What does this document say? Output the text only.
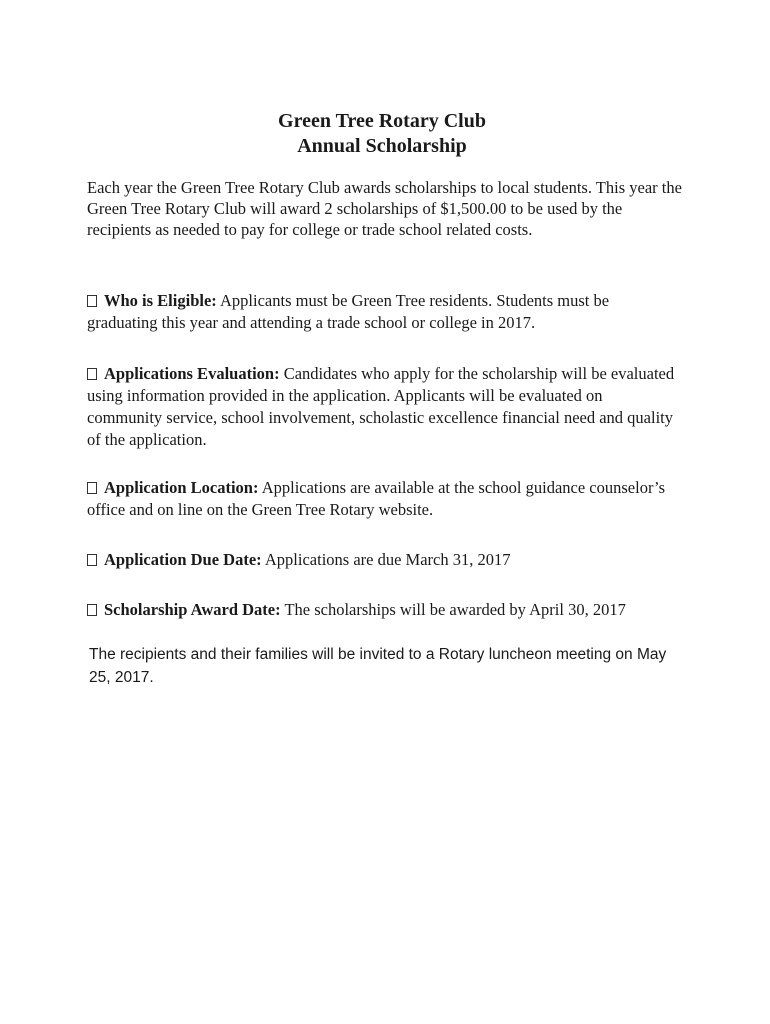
Green Tree Rotary Club
Annual Scholarship
Each year the Green Tree Rotary Club awards scholarships to local students. This year the Green Tree Rotary Club will award 2 scholarships of $1,500.00 to be used by the recipients as needed to pay for college or trade school related costs.
Who is Eligible: Applicants must be Green Tree residents. Students must be graduating this year and attending a trade school or college in 2017.
Applications Evaluation: Candidates who apply for the scholarship will be evaluated using information provided in the application. Applicants will be evaluated on community service, school involvement, scholastic excellence financial need and quality of the application.
Application Location: Applications are available at the school guidance counselor’s office and on line on the Green Tree Rotary website.
Application Due Date: Applications are due March 31, 2017
Scholarship Award Date: The scholarships will be awarded by April 30, 2017
The recipients and their families will be invited to a Rotary luncheon meeting on May 25, 2017.
